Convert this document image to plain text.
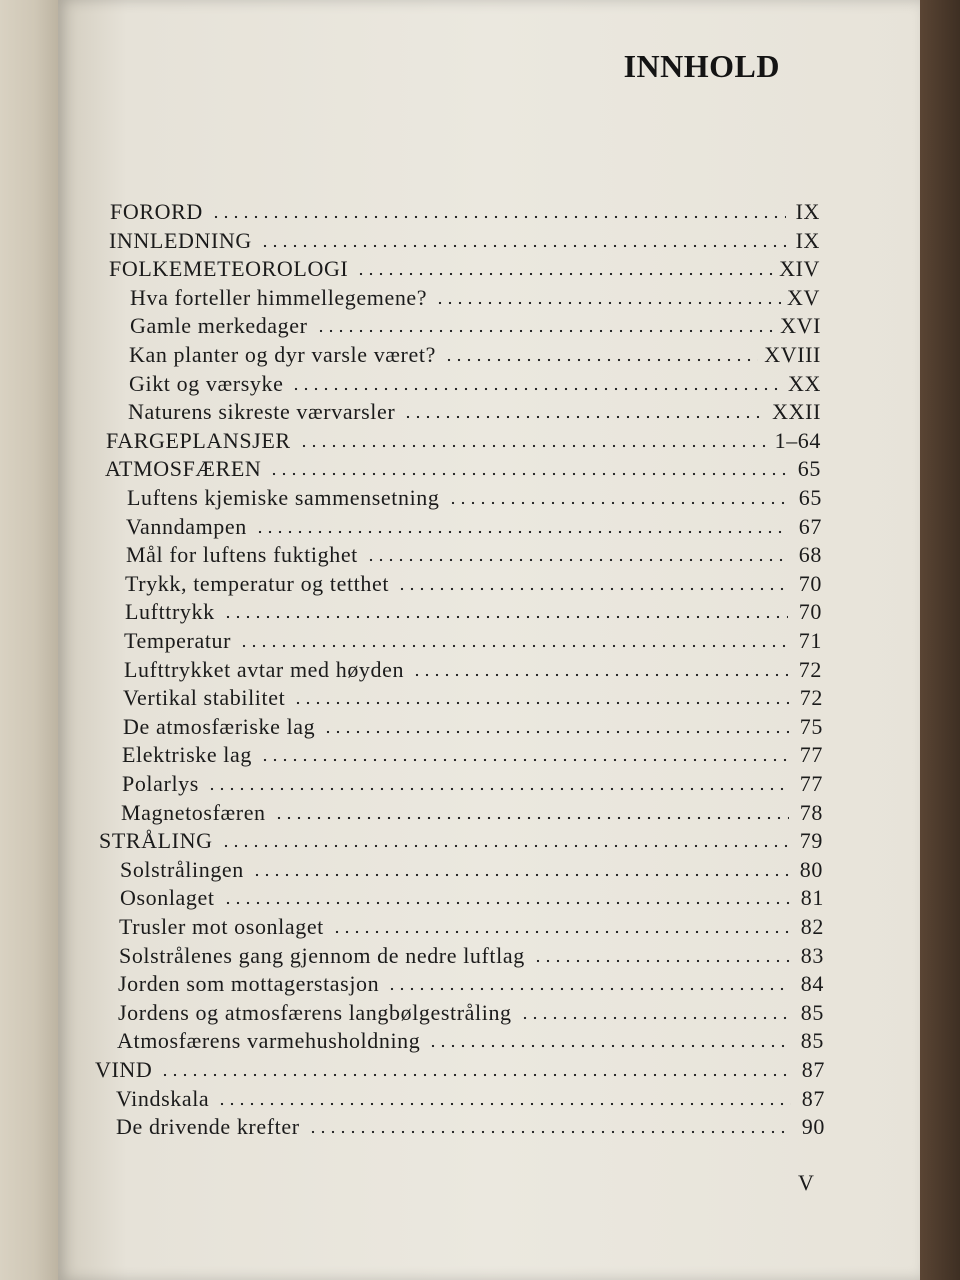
INNHOLD
FORORD	IX
INNLEDNING	IX
FOLKEMETEOROLOGI	XIV
Hva forteller himmellegemene?	XV
Gamle merkedager	XVI
Kan planter og dyr varsle været?	XVIII
Gikt og værsyke	XX
Naturens sikreste værvarsler	XXII
FARGEPLANSJER	1–64
ATMOSFÆREN	65
Luftens kjemiske sammensetning	65
Vanndampen	67
Mål for luftens fuktighet	68
Trykk, temperatur og tetthet	70
Lufttrykk	70
Temperatur	71
Lufttrykket avtar med høyden	72
Vertikal stabilitet	72
De atmosfæriske lag	75
Elektriske lag	77
Polarlys	77
Magnetosfæren	78
STRÅLING	79
Solstrålingen	80
Osonlaget	81
Trusler mot osonlaget	82
Solstrålenes gang gjennom de nedre luftlag	83
Jorden som mottagerstasjon	84
Jordens og atmosfærens langbølgestråling	85
Atmosfærens varmehusholdning	85
VIND	87
Vindskala	87
De drivende krefter	90
V
